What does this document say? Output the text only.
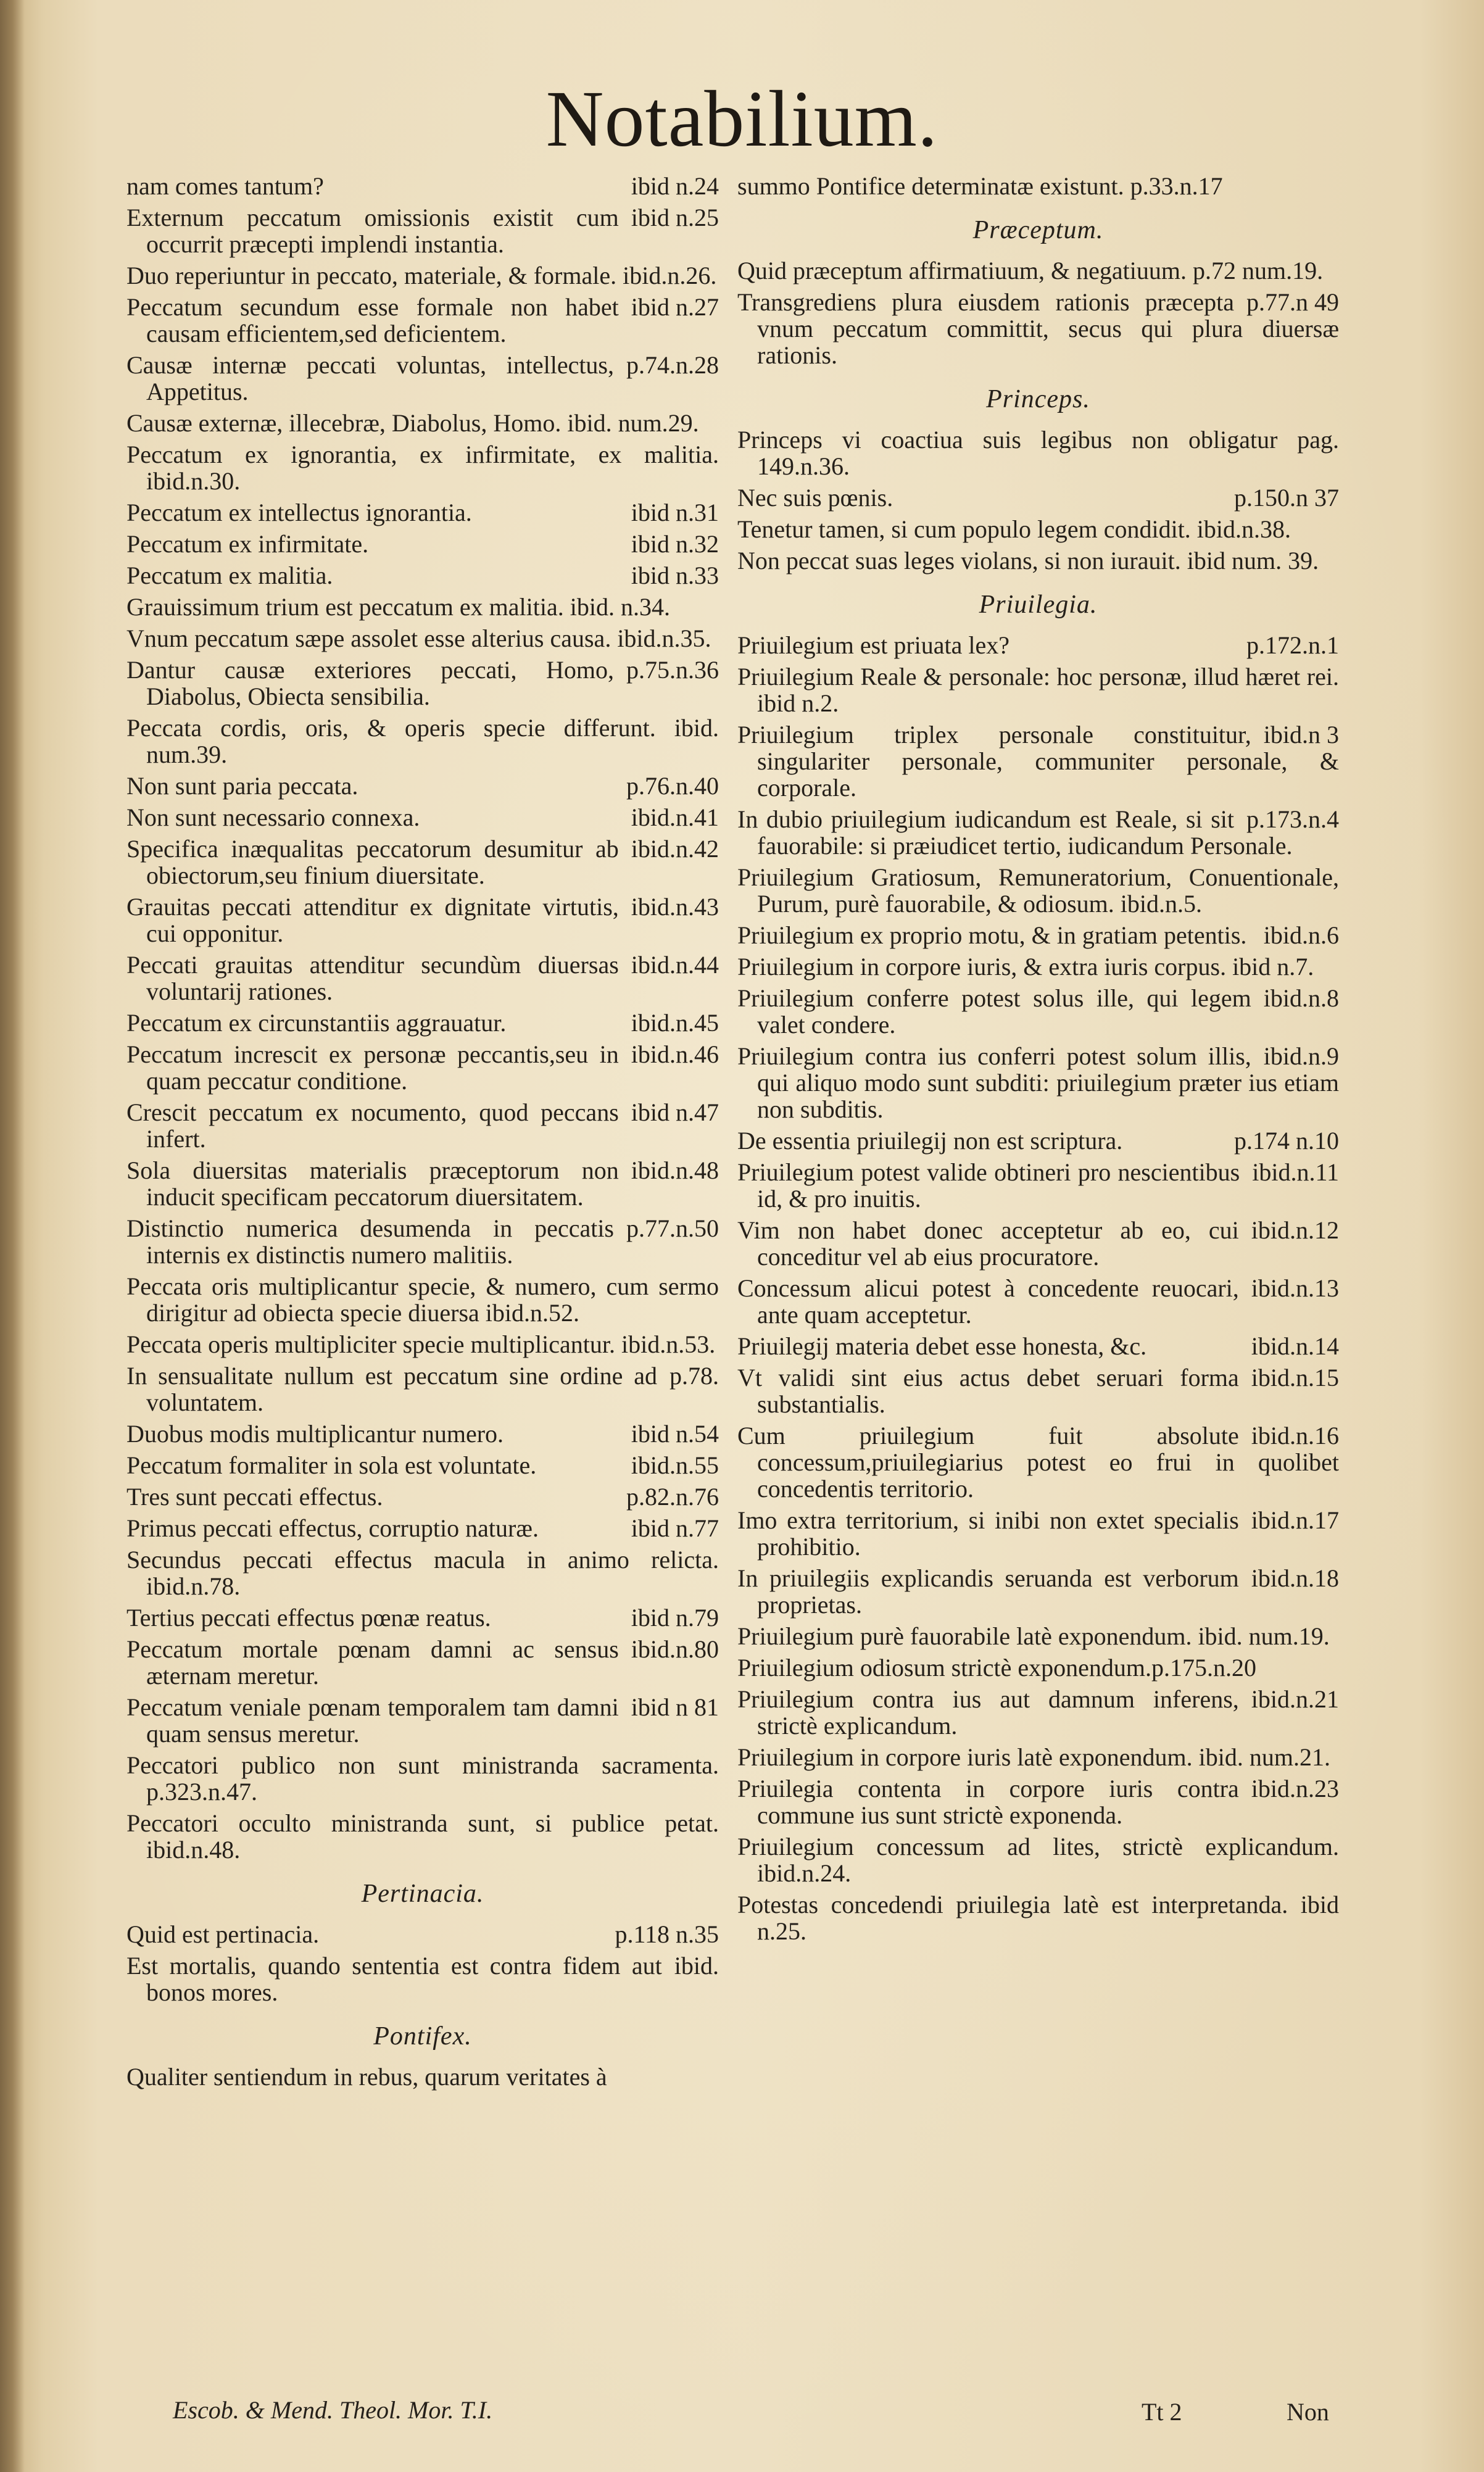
Notabilium.
ibid n.24
nam comes tantum?
ibid n.25
Externum peccatum omissionis existit cum occurrit præcepti implendi instantia.
Duo reperiuntur in peccato, materiale, & formale. ibid.n.26.
ibid n.27
Peccatum secundum esse formale non habet causam efficientem,sed deficientem.
p.74.n.28
Causæ internæ peccati voluntas, intellectus, Appetitus.
Causæ externæ, illecebræ, Diabolus, Homo. ibid. num.29.
Peccatum ex ignorantia, ex infirmitate, ex malitia. ibid.n.30.
ibid n.31
Peccatum ex intellectus ignorantia.
ibid n.32
Peccatum ex infirmitate.
ibid n.33
Peccatum ex malitia.
Grauissimum trium est peccatum ex malitia. ibid. n.34.
Vnum peccatum sæpe assolet esse alterius causa. ibid.n.35.
p.75.n.36
Dantur causæ exteriores peccati, Homo, Diabolus, Obiecta sensibilia.
Peccata cordis, oris, & operis specie differunt. ibid. num.39.
p.76.n.40
Non sunt paria peccata.
ibid.n.41
Non sunt necessario connexa.
ibid.n.42
Specifica inæqualitas peccatorum desumitur ab obiectorum,seu finium diuersitate.
ibid.n.43
Grauitas peccati attenditur ex dignitate virtutis, cui opponitur.
ibid.n.44
Peccati grauitas attenditur secundùm diuersas voluntarij rationes.
ibid.n.45
Peccatum ex circunstantiis aggrauatur.
ibid.n.46
Peccatum increscit ex personæ peccantis,seu in quam peccatur conditione.
ibid n.47
Crescit peccatum ex nocumento, quod peccans infert.
ibid.n.48
Sola diuersitas materialis præceptorum non inducit specificam peccatorum diuersitatem.
p.77.n.50
Distinctio numerica desumenda in peccatis internis ex distinctis numero malitiis.
Peccata oris multiplicantur specie, & numero, cum sermo dirigitur ad obiecta specie diuersa ibid.n.52.
Peccata operis multipliciter specie multiplicantur. ibid.n.53.
p.78.
In sensualitate nullum est peccatum sine ordine ad voluntatem.
ibid n.54
Duobus modis multiplicantur numero.
ibid.n.55
Peccatum formaliter in sola est voluntate.
p.82.n.76
Tres sunt peccati effectus.
ibid n.77
Primus peccati effectus, corruptio naturæ.
Secundus peccati effectus macula in animo relicta. ibid.n.78.
ibid n.79
Tertius peccati effectus pœnæ reatus.
ibid.n.80
Peccatum mortale pœnam damni ac sensus æternam meretur.
ibid n 81
Peccatum veniale pœnam temporalem tam damni quam sensus meretur.
Peccatori publico non sunt ministranda sacramenta. p.323.n.47.
Peccatori occulto ministranda sunt, si publice petat. ibid.n.48.
Pertinacia.
p.118 n.35
Quid est pertinacia.
ibid.
Est mortalis, quando sententia est contra fidem aut bonos mores.
Pontifex.
Qualiter sentiendum in rebus, quarum veritates à
summo Pontifice determinatæ existunt. p.33.n.17
Præceptum.
Quid præceptum affirmatiuum, & negatiuum. p.72 num.19.
p.77.n 49
Transgrediens plura eiusdem rationis præcepta vnum peccatum committit, secus qui plura diuersæ rationis.
Princeps.
Princeps vi coactiua suis legibus non obligatur pag. 149.n.36.
p.150.n 37
Nec suis pœnis.
Tenetur tamen, si cum populo legem condidit. ibid.n.38.
Non peccat suas leges violans, si non iurauit. ibid num. 39.
Priuilegia.
p.172.n.1
Priuilegium est priuata lex?
Priuilegium Reale & personale: hoc personæ, illud hæret rei. ibid n.2.
ibid.n 3
Priuilegium triplex personale constituitur, singulariter personale, communiter personale, & corporale.
p.173.n.4
In dubio priuilegium iudicandum est Reale, si sit fauorabile: si præiudicet tertio, iudicandum Personale.
Priuilegium Gratiosum, Remuneratorium, Conuentionale, Purum, purè fauorabile, & odiosum. ibid.n.5.
ibid.n.6
Priuilegium ex proprio motu, & in gratiam petentis.
Priuilegium in corpore iuris, & extra iuris corpus. ibid n.7.
ibid.n.8
Priuilegium conferre potest solus ille, qui legem valet condere.
ibid.n.9
Priuilegium contra ius conferri potest solum illis, qui aliquo modo sunt subditi: priuilegium præter ius etiam non subditis.
p.174 n.10
De essentia priuilegij non est scriptura.
ibid.n.11
Priuilegium potest valide obtineri pro nescientibus id, & pro inuitis.
ibid.n.12
Vim non habet donec acceptetur ab eo, cui conceditur vel ab eius procuratore.
ibid.n.13
Concessum alicui potest à concedente reuocari, ante quam acceptetur.
ibid.n.14
Priuilegij materia debet esse honesta, &c.
ibid.n.15
Vt validi sint eius actus debet seruari forma substantialis.
ibid.n.16
Cum priuilegium fuit absolute concessum,priuilegiarius potest eo frui in quolibet concedentis territorio.
ibid.n.17
Imo extra territorium, si inibi non extet specialis prohibitio.
ibid.n.18
In priuilegiis explicandis seruanda est verborum proprietas.
Priuilegium purè fauorabile latè exponendum. ibid. num.19.
Priuilegium odiosum strictè exponendum.p.175.n.20
ibid.n.21
Priuilegium contra ius aut damnum inferens, strictè explicandum.
Priuilegium in corpore iuris latè exponendum. ibid. num.21.
ibid.n.23
Priuilegia contenta in corpore iuris contra commune ius sunt strictè exponenda.
Priuilegium concessum ad lites, strictè explicandum. ibid.n.24.
Potestas concedendi priuilegia latè est interpretanda. ibid n.25.
Escob. & Mend. Theol. Mor. T.I.	Tt 2	Non
